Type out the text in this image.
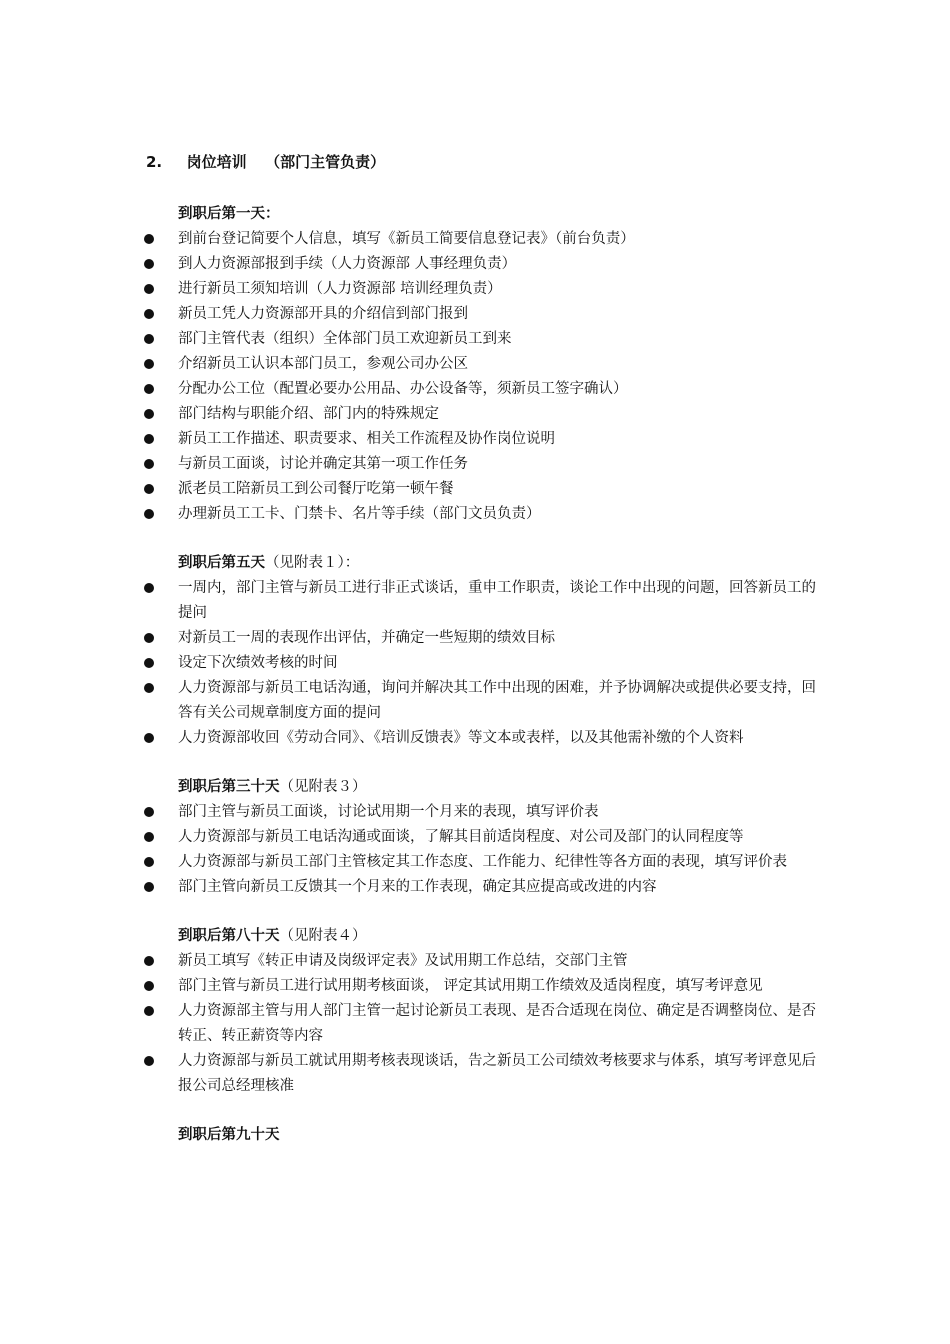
2. 岗位培训 （部门主管负责）
到职后第一天：
到前台登记简要个人信息，填写《新员工简要信息登记表》（前台负责）
到人力资源部报到手续（人力资源部 人事经理负责）
进行新员工须知培训（人力资源部 培训经理负责）
新员工凭人力资源部开具的介绍信到部门报到
部门主管代表（组织）全体部门员工欢迎新员工到来
介绍新员工认识本部门员工，参观公司办公区
分配办公工位（配置必要办公用品、办公设备等，须新员工签字确认）
部门结构与职能介绍、部门内的特殊规定
新员工工作描述、职责要求、相关工作流程及协作岗位说明
与新员工面谈，讨论并确定其第一项工作任务
派老员工陪新员工到公司餐厅吃第一顿午餐
办理新员工工卡、门禁卡、名片等手续（部门文员负责）
到职后第五天（见附表１）：
一周内，部门主管与新员工进行非正式谈话，重申工作职责，谈论工作中出现的问题，回答新员工的提问
对新员工一周的表现作出评估，并确定一些短期的绩效目标
设定下次绩效考核的时间
人力资源部与新员工电话沟通，询问并解决其工作中出现的困难，并予协调解决或提供必要支持，回答有关公司规章制度方面的提问
人力资源部收回《劳动合同》、《培训反馈表》等文本或表样，以及其他需补缴的个人资料
到职后第三十天（见附表３）
部门主管与新员工面谈，讨论试用期一个月来的表现，填写评价表
人力资源部与新员工电话沟通或面谈，了解其目前适岗程度、对公司及部门的认同程度等
人力资源部与新员工部门主管核定其工作态度、工作能力、纪律性等各方面的表现，填写评价表
部门主管向新员工反馈其一个月来的工作表现，确定其应提高或改进的内容
到职后第八十天（见附表４）
新员工填写《转正申请及岗级评定表》及试用期工作总结，交部门主管
部门主管与新员工进行试用期考核面谈， 评定其试用期工作绩效及适岗程度，填写考评意见
人力资源部主管与用人部门主管一起讨论新员工表现、是否合适现在岗位、确定是否调整岗位、是否转正、转正薪资等内容
人力资源部与新员工就试用期考核表现谈话，告之新员工公司绩效考核要求与体系，填写考评意见后报公司总经理核准
到职后第九十天
